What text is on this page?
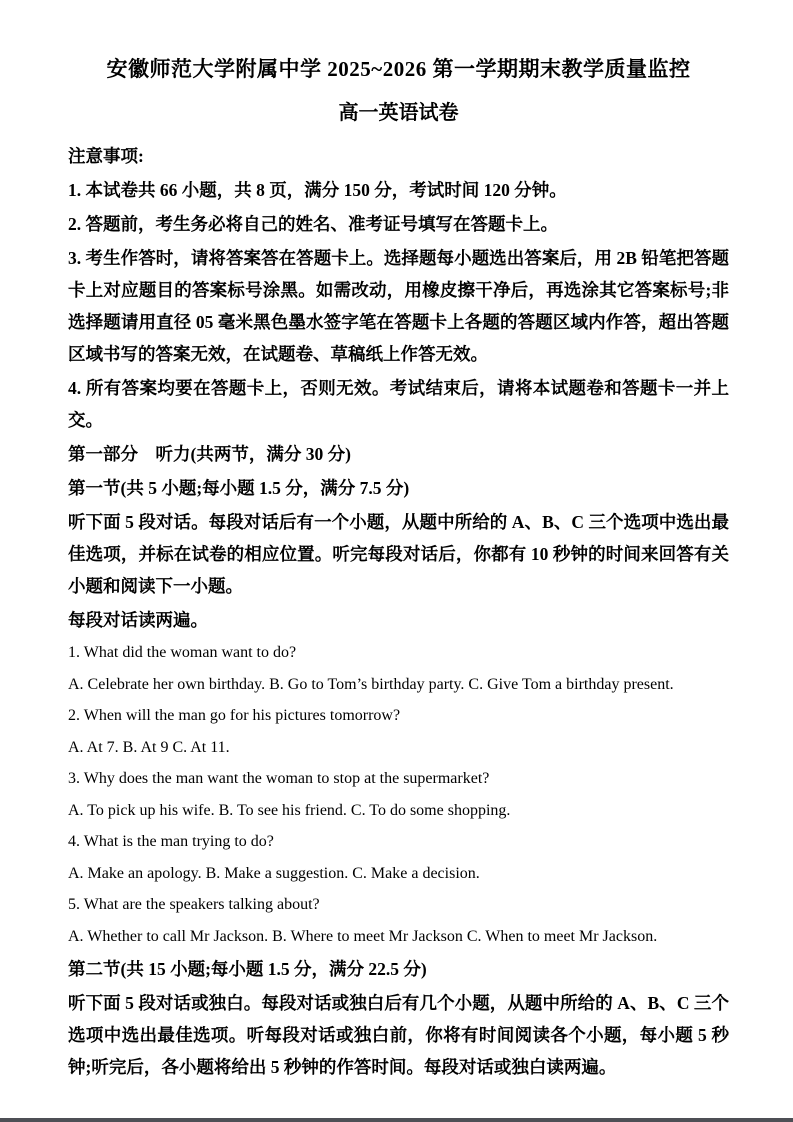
安徽师范大学附属中学 2025~2026 第一学期期末教学质量监控
高一英语试卷

注意事项:

1. 本试卷共 66 小题，共 8 页，满分 150 分，考试时间 120 分钟。

2. 答题前，考生务必将自己的姓名、准考证号填写在答题卡上。

3. 考生作答时，请将答案答在答题卡上。选择题每小题选出答案后，用 2B 铅笔把答题卡上对应题目的答案标号涂黑。如需改动，用橡皮擦干净后，再选涂其它答案标号;非选择题请用直径 05 毫米黑色墨水签字笔在答题卡上各题的答题区域内作答，超出答题区域书写的答案无效，在试题卷、草稿纸上作答无效。

4. 所有答案均要在答题卡上，否则无效。考试结束后，请将本试题卷和答题卡一并上交。

第一部分　听力(共两节，满分 30 分)

第一节(共 5 小题;每小题 1.5 分，满分 7.5 分)

听下面 5 段对话。每段对话后有一个小题，从题中所给的 A、B、C 三个选项中选出最佳选项，并标在试卷的相应位置。听完每段对话后，你都有 10 秒钟的时间来回答有关小题和阅读下一小题。

每段对话读两遍。

1. What did the woman want to do?

A. Celebrate her own birthday. B. Go to Tom’s birthday party. C. Give Tom a birthday present.

2. When will the man go for his pictures tomorrow?

A. At 7. B. At 9 C. At 11.

3. Why does the man want the woman to stop at the supermarket?

A. To pick up his wife. B. To see his friend. C. To do some shopping.

4. What is the man trying to do?

A. Make an apology. B. Make a suggestion. C. Make a decision.

5. What are the speakers talking about?

A. Whether to call Mr Jackson. B. Where to meet Mr Jackson C. When to meet Mr Jackson.

第二节(共 15 小题;每小题 1.5 分，满分 22.5 分)

听下面 5 段对话或独白。每段对话或独白后有几个小题，从题中所给的 A、B、C 三个选项中选出最佳选项。听每段对话或独白前，你将有时间阅读各个小题，每小题 5 秒钟;听完后，各小题将给出 5 秒钟的作答时间。每段对话或独白读两遍。
